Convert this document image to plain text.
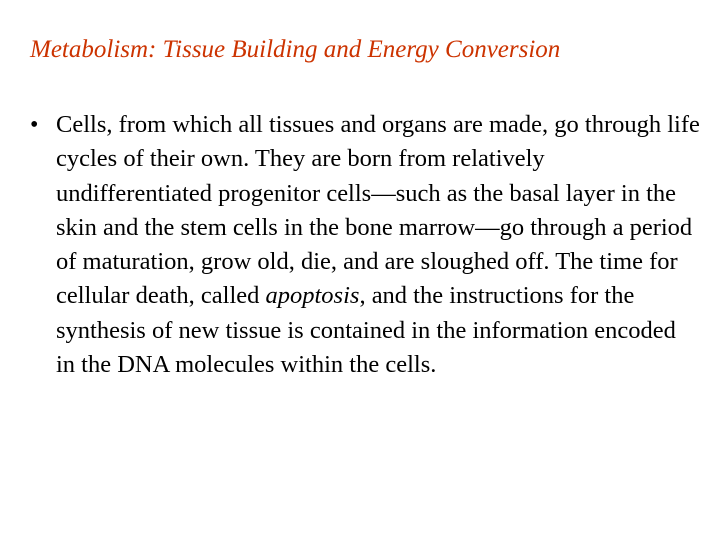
Metabolism: Tissue Building and Energy Conversion
• Cells, from which all tissues and organs are made, go through life cycles of their own. They are born from relatively undifferentiated progenitor cells—such as the basal layer in the skin and the stem cells in the bone marrow—go through a period of maturation, grow old, die, and are sloughed off. The time for cellular death, called apoptosis, and the instructions for the synthesis of new tissue is contained in the information encoded in the DNA molecules within the cells.
